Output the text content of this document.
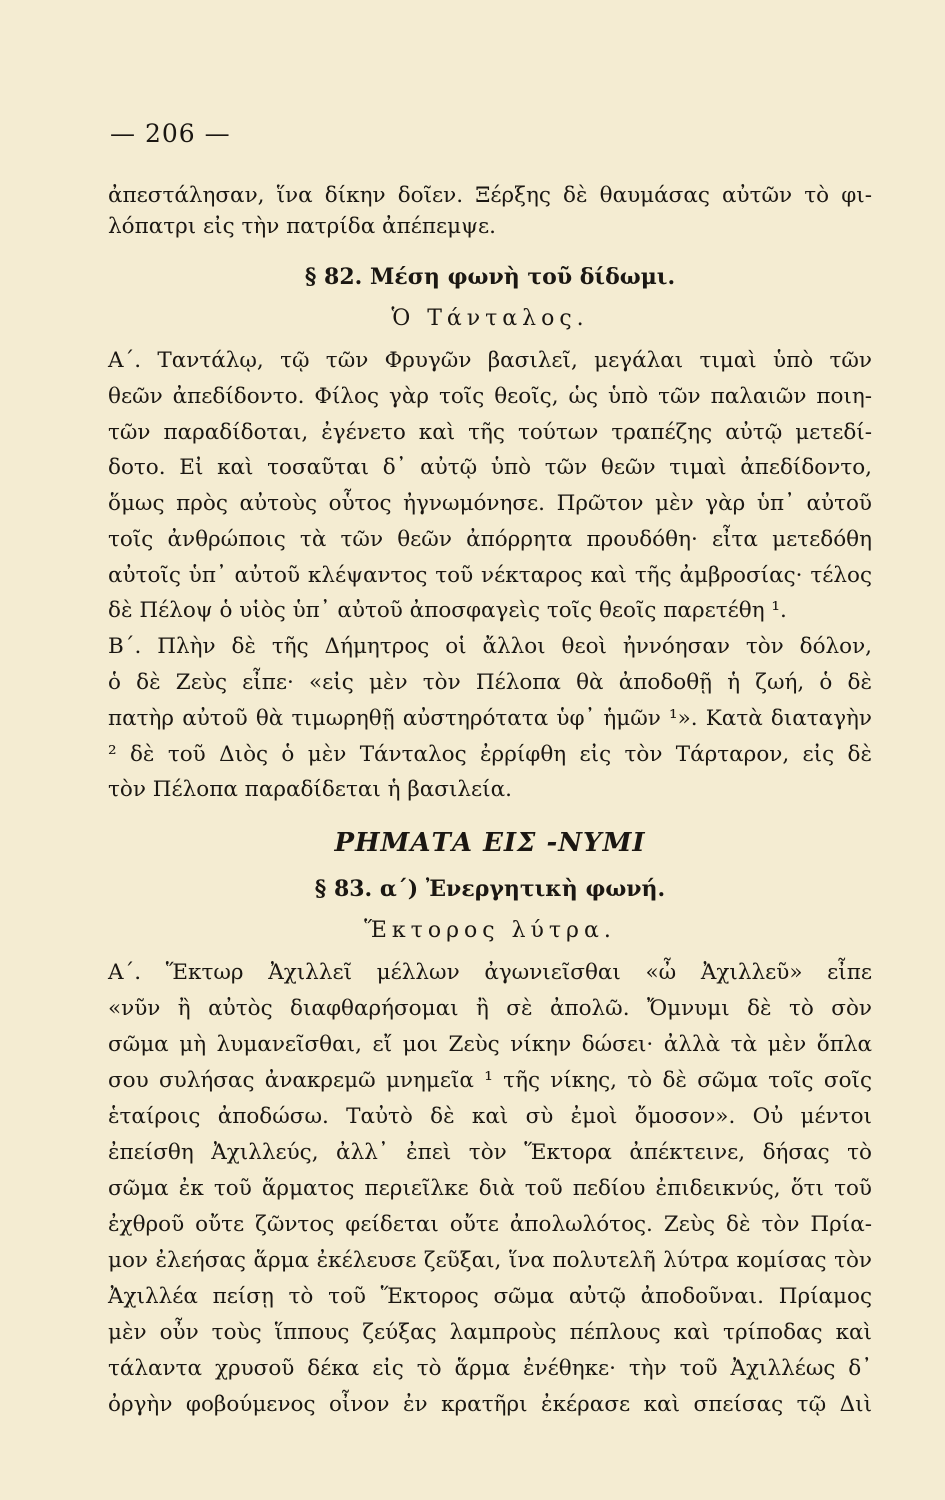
— 206 —
ἀπεστάλησαν, ἵνα δίκην δοῖεν. Ξέρξης δὲ θαυμάσας αὐτῶν τὸ φι-
λόπατρι εἰς τὴν πατρίδα ἀπέπεμψε.
§ 82. Μέση φωνὴ τοῦ δίδωμι.
Ὁ Τάνταλος.
Α΄. Ταντάλῳ, τῷ τῶν Φρυγῶν βασιλεῖ, μεγάλαι τιμαὶ ὑπὸ τῶν
θεῶν ἀπεδίδοντο. Φίλος γὰρ τοῖς θεοῖς, ὡς ὑπὸ τῶν παλαιῶν ποιη-
τῶν παραδίδοται, ἐγένετο καὶ τῆς τούτων τραπέζης αὐτῷ μετεδί-
δοτο. Εἰ καὶ τοσαῦται δ᾽ αὐτῷ ὑπὸ τῶν θεῶν τιμαὶ ἀπεδίδοντο,
ὅμως πρὸς αὐτοὺς οὗτος ἠγνωμόνησε. Πρῶτον μὲν γὰρ ὑπ᾽ αὐτοῦ
τοῖς ἀνθρώποις τὰ τῶν θεῶν ἀπόρρητα προυδόθη· εἶτα μετεδόθη
αὐτοῖς ὑπ᾽ αὐτοῦ κλέψαντος τοῦ νέκταρος καὶ τῆς ἀμβροσίας· τέλος
δὲ Πέλοψ ὁ υἱὸς ὑπ᾽ αὐτοῦ ἀποσφαγεὶς τοῖς θεοῖς παρετέθη ¹.
Β΄. Πλὴν δὲ τῆς Δήμητρος οἱ ἄλλοι θεοὶ ἠννόησαν τὸν δόλον,
ὁ δὲ Ζεὺς εἶπε· «εἰς μὲν τὸν Πέλοπα θὰ ἀποδοθῇ ἡ ζωή, ὁ δὲ
πατὴρ αὐτοῦ θὰ τιμωρηθῇ αὐστηρότατα ὑφ᾽ ἡμῶν ¹». Κατὰ διαταγὴν
² δὲ τοῦ Διὸς ὁ μὲν Τάνταλος ἐρρίφθη εἰς τὸν Τάρταρον, εἰς δὲ
τὸν Πέλοπα παραδίδεται ἡ βασιλεία.
ΡΗΜΑΤΑ ΕΙΣ -ΝΥΜΙ
§ 83. α΄) Ἐνεργητικὴ φωνή.
Ἕκτορος λύτρα.
Α΄. Ἕκτωρ Ἀχιλλεῖ μέλλων ἀγωνιεῖσθαι «ὦ Ἀχιλλεῦ» εἶπε
«νῦν ἢ αὐτὸς διαφθαρήσομαι ἢ σὲ ἀπολῶ. Ὄμνυμι δὲ τὸ σὸν
σῶμα μὴ λυμανεῖσθαι, εἴ μοι Ζεὺς νίκην δώσει· ἀλλὰ τὰ μὲν ὅπλα
σου συλήσας ἀνακρεμῶ μνημεῖα ¹ τῆς νίκης, τὸ δὲ σῶμα τοῖς σοῖς
ἑταίροις ἀποδώσω. Ταὐτὸ δὲ καὶ σὺ ἐμοὶ ὄμοσον». Οὐ μέντοι
ἐπείσθη Ἀχιλλεύς, ἀλλ᾽ ἐπεὶ τὸν Ἕκτορα ἀπέκτεινε, δήσας τὸ
σῶμα ἐκ τοῦ ἅρματος περιεῖλκε διὰ τοῦ πεδίου ἐπιδεικνύς, ὅτι τοῦ
ἐχθροῦ οὔτε ζῶντος φείδεται οὔτε ἀπολωλότος. Ζεὺς δὲ τὸν Πρία-
μον ἐλεήσας ἅρμα ἐκέλευσε ζεῦξαι, ἵνα πολυτελῆ λύτρα κομίσας τὸν
Ἀχιλλέα πείσῃ τὸ τοῦ Ἕκτορος σῶμα αὐτῷ ἀποδοῦναι. Πρίαμος
μὲν οὖν τοὺς ἵππους ζεύξας λαμπροὺς πέπλους καὶ τρίποδας καὶ
τάλαντα χρυσοῦ δέκα εἰς τὸ ἅρμα ἐνέθηκε· τὴν τοῦ Ἀχιλλέως δ᾽
ὀργὴν φοβούμενος οἶνον ἐν κρατῆρι ἐκέρασε καὶ σπείσας τῷ Διὶ
